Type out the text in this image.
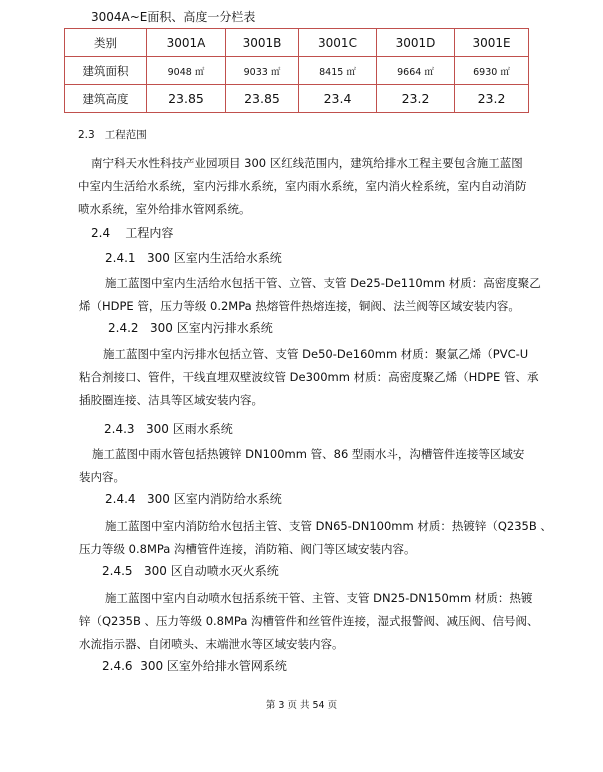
3004A~E面积、高度一分栏表
类别	3001A	3001B	3001C	3001D	3001E
建筑面积	9048 ㎡	9033 ㎡	8415 ㎡	9664 ㎡	6930 ㎡
建筑高度	23.85	23.85	23.4	23.2	23.2
2.3 工程范围
南宁科天水性科技产业园项目 300 区红线范围内，建筑给排水工程主要包含施工蓝图
中室内生活给水系统，室内污排水系统，室内雨水系统，室内消火栓系统，室内自动消防
喷水系统，室外给排水管网系统。
2.4 工程内容
2.4.1 300 区室内生活给水系统
施工蓝图中室内生活给水包括干管、立管、支管 De25-De110mm 材质：高密度聚乙
烯（HDPE 管，压力等级 0.2MPa 热熔管件热熔连接，铜阀、法兰阀等区域安装内容。
2.4.2 300 区室内污排水系统
施工蓝图中室内污排水包括立管、支管 De50-De160mm 材质：聚氯乙烯（PVC-U
粘合剂接口、管件，干线直埋双壁波纹管 De300mm 材质：高密度聚乙烯（HDPE 管、承
插胶圈连接、洁具等区域安装内容。
2.4.3 300 区雨水系统
施工蓝图中雨水管包括热镀锌 DN100mm 管、86 型雨水斗，沟槽管件连接等区域安
装内容。
2.4.4 300 区室内消防给水系统
施工蓝图中室内消防给水包括主管、支管 DN65-DN100mm 材质：热镀锌（Q235B 、
压力等级 0.8MPa 沟槽管件连接，消防箱、阀门等区域安装内容。
2.4.5 300 区自动喷水灭火系统
施工蓝图中室内自动喷水包括系统干管、主管、支管 DN25-DN150mm 材质：热镀
锌（Q235B 、压力等级 0.8MPa 沟槽管件和丝管件连接，湿式报警阀、减压阀、信号阀、
水流指示器、自闭喷头、末端泄水等区域安装内容。
2.4.6 300 区室外给排水管网系统
第 3 页 共 54 页
